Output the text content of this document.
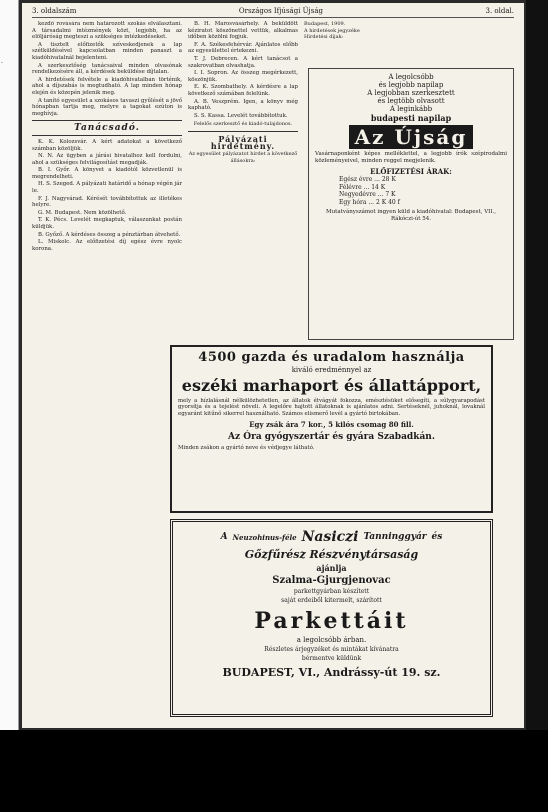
·
3. oldalszám	Országos Ifjúsági Újság	3. oldal.

kezdő rovására nem határozott szokás elválasztani. A társadalmi intézmények közt, legjobb, ha az elöljáróság megteszi a szükséges intézkedéseket.

A tisztelt előfizetők szíveskedjenek a lap szétküldésével kapcsolatban minden panaszt a kiadóhivatalnál bejelenteni.

A szerkesztőség tanácsaival minden olvasónak rendelkezésére áll, a kérdések beküldése díjtalan.

A hirdetések felvétele a kiadóhivatalban történik, ahol a díjszabás is megtudható. A lap minden hónap elején és közepén jelenik meg.

A tanító egyesület a szokásos tavaszi gyűlését a jövő hónapban tartja meg, melyre a tagokat ezúton is meghívja.

Tanácsadó.

K. K. Kolozsvár. A kért adatokat a következő számban közöljük.

N. N. Az ügyben a járási hivatalhoz kell fordulni, ahol a szükséges felvilágosítást megadják.

B. I. Győr. A könyvet a kiadótól közvetlenül is megrendelheti.

H. S. Szeged. A pályázati határidő a hónap végén jár le.

F. J. Nagyvárad. Kérését továbbítottuk az illetékes helyre.

G. M. Budapest. Nem közölhető.

T. K. Pécs. Levelét megkaptuk, válaszunkat postán küldjük.

B. Győző. A kérdéses összeg a pénztárban átvehető.

L. Miskolc. Az előfizetési díj egész évre nyolc korona.

B. H. Marosvásárhely. A beküldött kéziratot köszönettel vettük, alkalmas időben közölni fogjuk.

F. A. Székesfehérvár. Ajánlatos előbb az egyesülettel értekezni.

T. J. Debrecen. A kért tanácsot a szakrovatban olvashatja.

I. I. Sopron. Az összeg megérkezett, köszönjük.

E. K. Szombathely. A kérdésre a lap következő számában felelünk.

A. B. Veszprém. Igen, a könyv még kapható.

S. S. Kassa. Levelét továbbítottuk.

Felelős szerkesztő és kiadó-tulajdonos.
Pályázati hirdetmény.
Az egyesület pályázatot hirdet a következő állásokra:
Budapest, 1909.
A hirdetések jegyzéke
Hirdetési díjak:
A legolcsóbb
és legjobb napilap
A legjobban szerkesztett
és legtöbb olvasott
A leginkább
budapesti napilap
Az Újság
Vasárnaponként képes melléklettel, a legjobb írók szépirodalmi közleményeivel, minden reggel megjelenik.
ELŐFIZETÉSI ÁRAK:
Egész évre ... 28 K
Félévre ... 14 K
Negyedévre ... 7 K
Egy hóra ... 2 K 40 f
Mutatványszámot ingyen küld a kiadóhivatal: Budapest, VII., Rákóczi-út 54.
4500 gazda és uradalom használja
kiváló eredménnyel az
eszéki marhaport és állattápport,
mely a hízlalásnál nélkülözhetetlen, az állatok étvágyát fokozza, emésztésüket elősegíti, a súlygyarapodást gyorsítja és a tejelést növeli. A legelőre hajtott állatoknak is ajánlatos adni. Sertéseknél, juhoknál, lovaknál egyaránt kitűnő sikerrel használható. Számos elismerő levél a gyártó birtokában.
Egy zsák ára 7 kor., 5 kilós csomag 80 fill.
Az Óra gyógyszertár és gyára Szabadkán.
Minden zsákon a gyártó neve és védjegye látható.
A Neuzohinus-féle Nasiczi Tanninggyár és
Gőzfűrész Részvénytársaság
ajánlja
Szalma-Gjurgjenovac
parkettgyárban készített
saját erdeiből kitermelt, szárított
Parkettáit
a legolcsóbb árban.
Részletes árjegyzéket és mintákat kívánatra
bérmentve küldünk
BUDAPEST, VI., Andrássy-út 19. sz.
